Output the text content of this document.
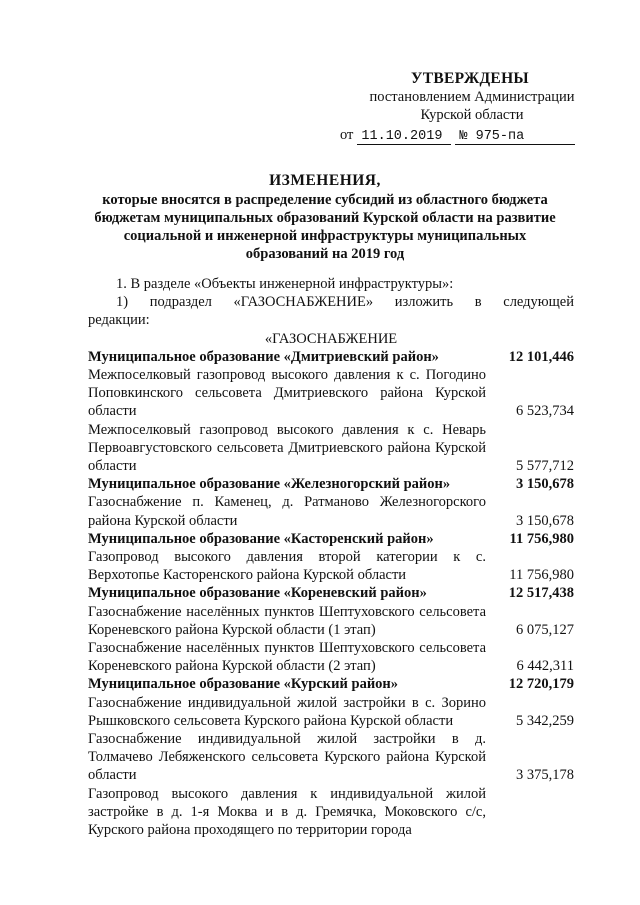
УТВЕРЖДЕНЫ
постановлением Администрации
Курской области
от 11.10.2019	№ 975-па
ИЗМЕНЕНИЯ,
которые вносятся в распределение субсидий из областного бюджета
бюджетам муниципальных образований Курской области на развитие
социальной и инженерной инфраструктуры муниципальных
образований на 2019 год
1. В разделе «Объекты инженерной инфраструктуры»:
1) подраздел «ГАЗОСНАБЖЕНИЕ» изложить в следующей
редакции:
«ГАЗОСНАБЖЕНИЕ
Муниципальное образование «Дмитриевский район»	12 101,446
Межпоселковый газопровод высокого давления к с. Погодино Поповкинского сельсовета Дмитриевского района Курской области	6 523,734
Межпоселковый газопровод высокого давления к с. Неварь Первоавгустовского сельсовета Дмитриевского района Курской области	5 577,712
Муниципальное образование «Железногорский район»	3 150,678
Газоснабжение п. Каменец, д. Ратманово Железногорского района Курской области	3 150,678
Муниципальное образование «Касторенский район»	11 756,980
Газопровод высокого давления второй категории к с. Верхотопье Касторенского района Курской области	11 756,980
Муниципальное образование «Кореневский район»	12 517,438
Газоснабжение населённых пунктов Шептуховского сельсовета Кореневского района Курской области (1 этап)	6 075,127
Газоснабжение населённых пунктов Шептуховского сельсовета Кореневского района Курской области (2 этап)	6 442,311
Муниципальное образование «Курский район»	12 720,179
Газоснабжение индивидуальной жилой застройки в с. Зорино Рышковского сельсовета Курского района Курской области	5 342,259
Газоснабжение индивидуальной жилой застройки в д. Толмачево Лебяженского сельсовета Курского района Курской области	3 375,178
Газопровод высокого давления к индивидуальной жилой застройке в д. 1-я Моква и в д. Гремячка, Моковского с/с, Курского района проходящего по территории города
